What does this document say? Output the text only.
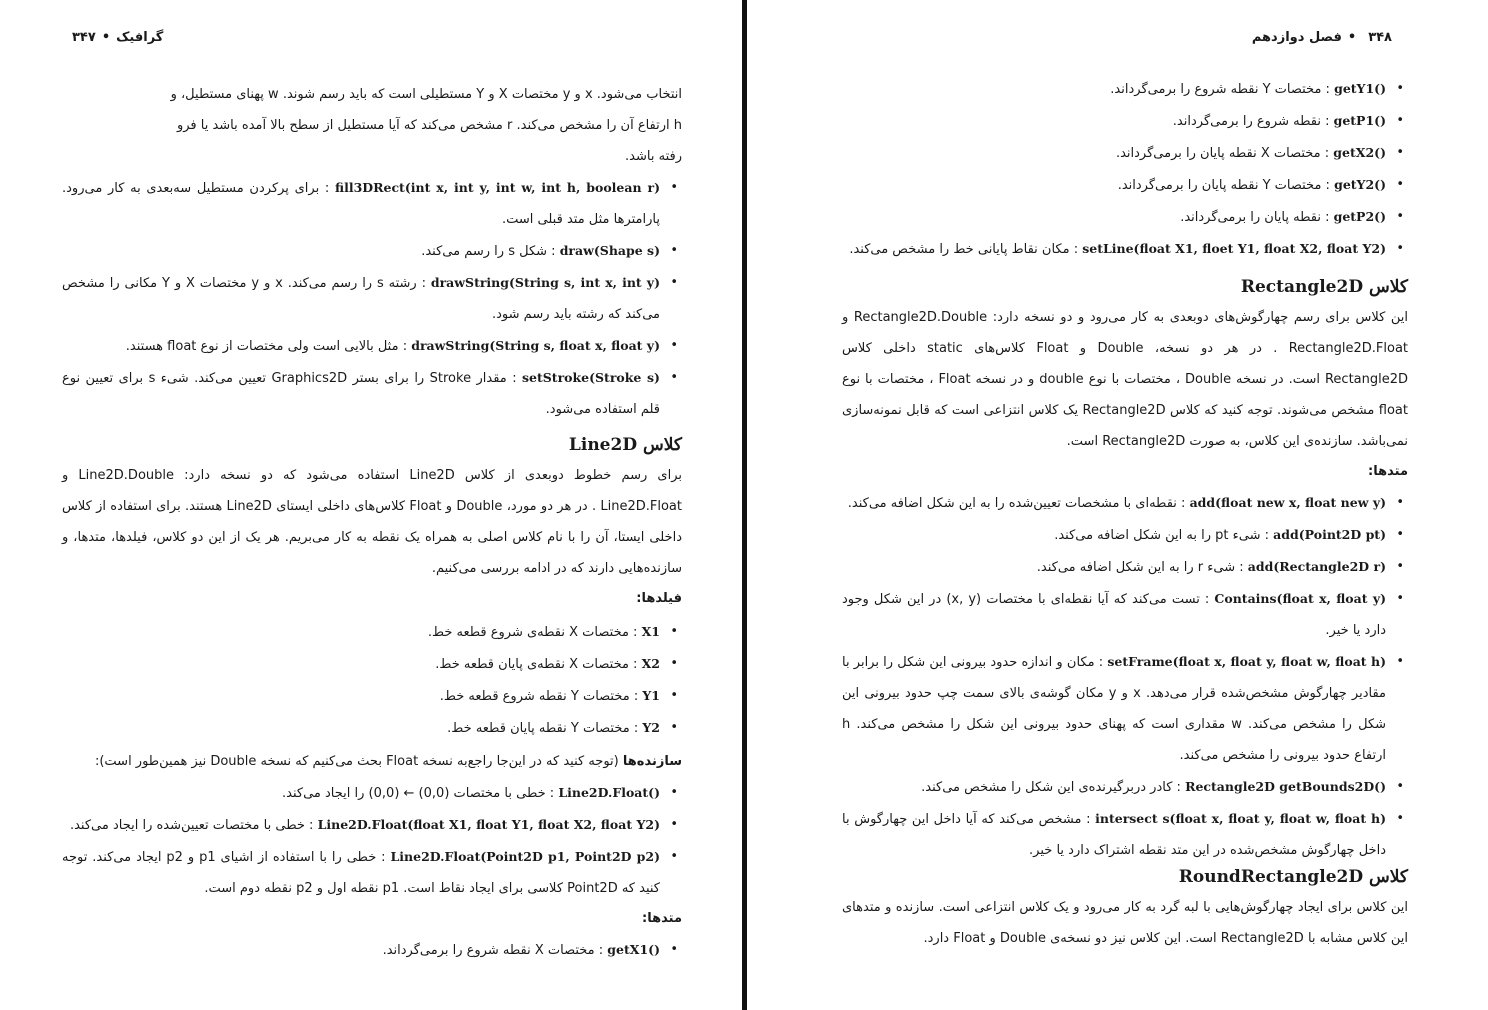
گرافیک•۳۴۷

انتخاب می‌شود. x و y مختصات X و Y مستطیلی است که باید رسم شوند. w پهنای مستطیل، و

h ارتفاع آن را مشخص می‌کند. r مشخص می‌کند که آیا مستطیل از سطح بالا آمده باشد یا فرو

رفته باشد.

• fill3DRect(int x, int y, int w, int h, boolean r) : برای پرکردن مستطیل سه‌بعدی به کار می‌رود. پارامترها مثل متد قبلی است.
• draw(Shape s) : شکل s را رسم می‌کند.
• drawString(String s, int x, int y) : رشته s را رسم می‌کند. x و y مختصات X و Y مکانی را مشخص می‌کند که رشته باید رسم شود.
• drawString(String s, float x, float y) : مثل بالایی است ولی مختصات از نوع float هستند.
• setStroke(Stroke s) : مقدار Stroke را برای بستر Graphics2D تعیین می‌کند. شیء s برای تعیین نوع قلم استفاده می‌شود.
کلاس Line2D

برای رسم خطوط دوبعدی از کلاس Line2D استفاده می‌شود که دو نسخه دارد: Line2D.Double و Line2D.Float . در هر دو مورد، Double و Float کلاس‌های داخلی ایستای Line2D هستند. برای استفاده از کلاس داخلی ایستا، آن را با نام کلاس اصلی به همراه یک نقطه به کار می‌بریم. هر یک از این دو کلاس، فیلدها، متدها، و سازنده‌هایی دارند که در ادامه بررسی می‌کنیم.

فیلدها:
• X1 : مختصات X نقطه‌ی شروع قطعه خط.
• X2 : مختصات X نقطه‌ی پایان قطعه خط.
• Y1 : مختصات Y نقطه شروع قطعه خط.
• Y2 : مختصات Y نقطه پایان قطعه خط.

سازنده‌ها (توجه کنید که در این‌جا راجع‌به نسخه Float بحث می‌کنیم که نسخه Double نیز همین‌طور است):

• Line2D.Float() : خطی با مختصات (0,0) ← (0,0) را ایجاد می‌کند.
• Line2D.Float(float X1, float Y1, float X2, float Y2) : خطی با مختصات تعیین‌شده را ایجاد می‌کند.
• Line2D.Float(Point2D p1, Point2D p2) : خطی را با استفاده از اشیای p1 و p2 ایجاد می‌کند. توجه کنید که Point2D کلاسی برای ایجاد نقاط است. p1 نقطه اول و p2 نقطه دوم است.
متدها:
• getX1() : مختصات X نقطه شروع را برمی‌گرداند.
۳۴۸•فصل دوازدهم
• getY1() : مختصات Y نقطه شروع را برمی‌گرداند.
• getP1() : نقطه شروع را برمی‌گرداند.
• getX2() : مختصات X نقطه پایان را برمی‌گرداند.
• getY2() : مختصات Y نقطه پایان را برمی‌گرداند.
• getP2() : نقطه پایان را برمی‌گرداند.
• setLine(float X1, floet Y1, float X2, float Y2) : مکان نقاط پایانی خط را مشخص می‌کند.
کلاس Rectangle2D

این کلاس برای رسم چهارگوش‌های دوبعدی به کار می‌رود و دو نسخه دارد: Rectangle2D.Double و Rectangle2D.Float . در هر دو نسخه، Double و Float کلاس‌های static داخلی کلاس Rectangle2D است. در نسخه Double ، مختصات با نوع double و در نسخه Float ، مختصات با نوع float مشخص می‌شوند. توجه کنید که کلاس Rectangle2D یک کلاس انتزاعی است که قابل نمونه‌سازی نمی‌باشد. سازنده‌ی این کلاس، به صورت Rectangle2D است.

متدها:
• add(float new x, float new y) : نقطه‌ای با مشخصات تعیین‌شده را به این شکل اضافه می‌کند.
• add(Point2D pt) : شیء pt را به این شکل اضافه می‌کند.
• add(Rectangle2D r) : شیء r را به این شکل اضافه می‌کند.
• Contains(float x, float y) : تست می‌کند که آیا نقطه‌ای با مختصات (x, y) در این شکل وجود دارد یا خیر.
• setFrame(float x, float y, float w, float h) : مکان و اندازه حدود بیرونی این شکل را برابر با مقادیر چهارگوش مشخص‌شده قرار می‌دهد. x و y مکان گوشه‌ی بالای سمت چپ حدود بیرونی این شکل را مشخص می‌کند. w مقداری است که پهنای حدود بیرونی این شکل را مشخص می‌کند. h ارتفاع حدود بیرونی را مشخص می‌کند.
• Rectangle2D getBounds2D() : کادر دربرگیرنده‌ی این شکل را مشخص می‌کند.
• intersect s(float x, float y, float w, float h) : مشخص می‌کند که آیا داخل این چهارگوش با داخل چهارگوش مشخص‌شده در این متد نقطه اشتراک دارد یا خیر.
کلاس RoundRectangle2D

این کلاس برای ایجاد چهارگوش‌هایی با لبه گرد به کار می‌رود و یک کلاس انتزاعی است. سازنده و متدهای این کلاس مشابه با Rectangle2D است. این کلاس نیز دو نسخه‌ی Double و Float دارد.
